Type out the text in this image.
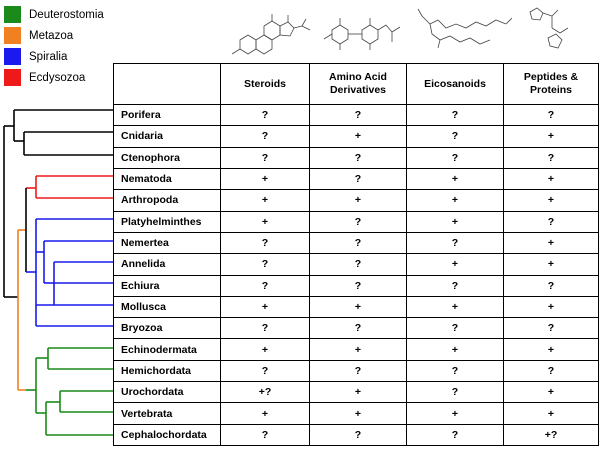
Deuterostomia
Metazoa
Spiralia
Ecdysozoa
		Steroids	Amino Acid Derivatives	Eicosanoids	Peptides & Proteins
Porifera	?	?	?	?
Cnidaria	?	+	?	+
Ctenophora	?	?	?	?
Nematoda	+	?	+	+
Arthropoda	+	+	+	+
Platyhelminthes	+	?	+	?
Nemertea	?	?	?	+
Annelida	?	?	+	+
Echiura	?	?	?	?
Mollusca	+	+	+	+
Bryozoa	?	?	?	?
Echinodermata	+	+	+	+
Hemichordata	?	?	?	?
Urochordata	+?	+	?	+
Vertebrata	+	+	+	+
Cephalochordata	?	?	?	+?
